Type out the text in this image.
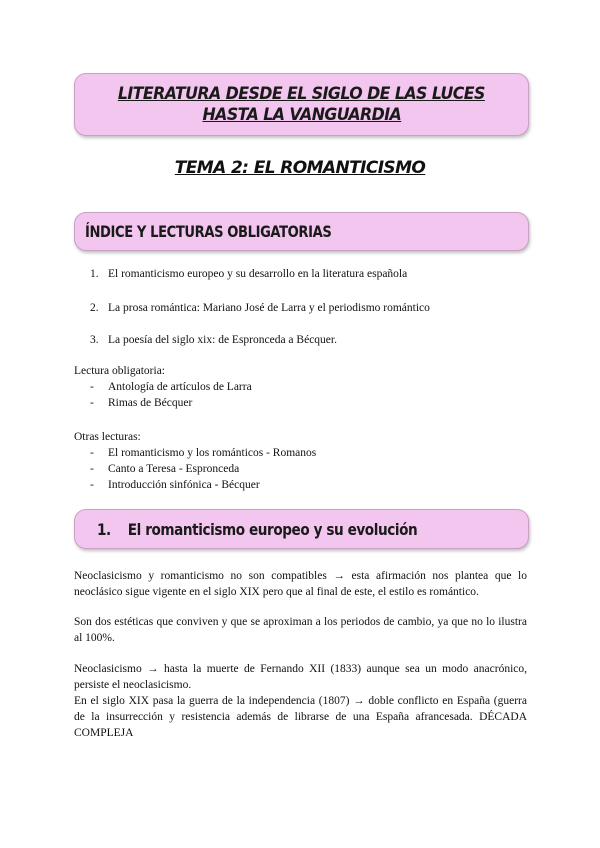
LITERATURA DESDE EL SIGLO DE LAS LUCES
HASTA LA VANGUARDIA
TEMA 2: EL ROMANTICISMO
ÍNDICE Y LECTURAS OBLIGATORIAS
1. El romanticismo europeo y su desarrollo en la literatura española
2. La prosa romántica: Mariano José de Larra y el periodismo romántico
3. La poesía del siglo xix: de Espronceda a Bécquer.
Lectura obligatoria:
- Antología de artículos de Larra
- Rimas de Bécquer
Otras lecturas:
- El romanticismo y los románticos - Romanos
- Canto a Teresa - Espronceda
- Introducción sinfónica - Bécquer
1. El romanticismo europeo y su evolución
Neoclasicismo y romanticismo no son compatibles → esta afirmación nos plantea que lo neoclásico sigue vigente en el siglo XIX pero que al final de este, el estilo es romántico.
Son dos estéticas que conviven y que se aproximan a los periodos de cambio, ya que no lo ilustra al 100%.
Neoclasicismo → hasta la muerte de Fernando XII (1833) aunque sea un modo anacrónico, persiste el neoclasicismo.
En el siglo XIX pasa la guerra de la independencia (1807) → doble conflicto en España (guerra de la insurrección y resistencia además de librarse de una España afrancesada. DÉCADA COMPLEJA
